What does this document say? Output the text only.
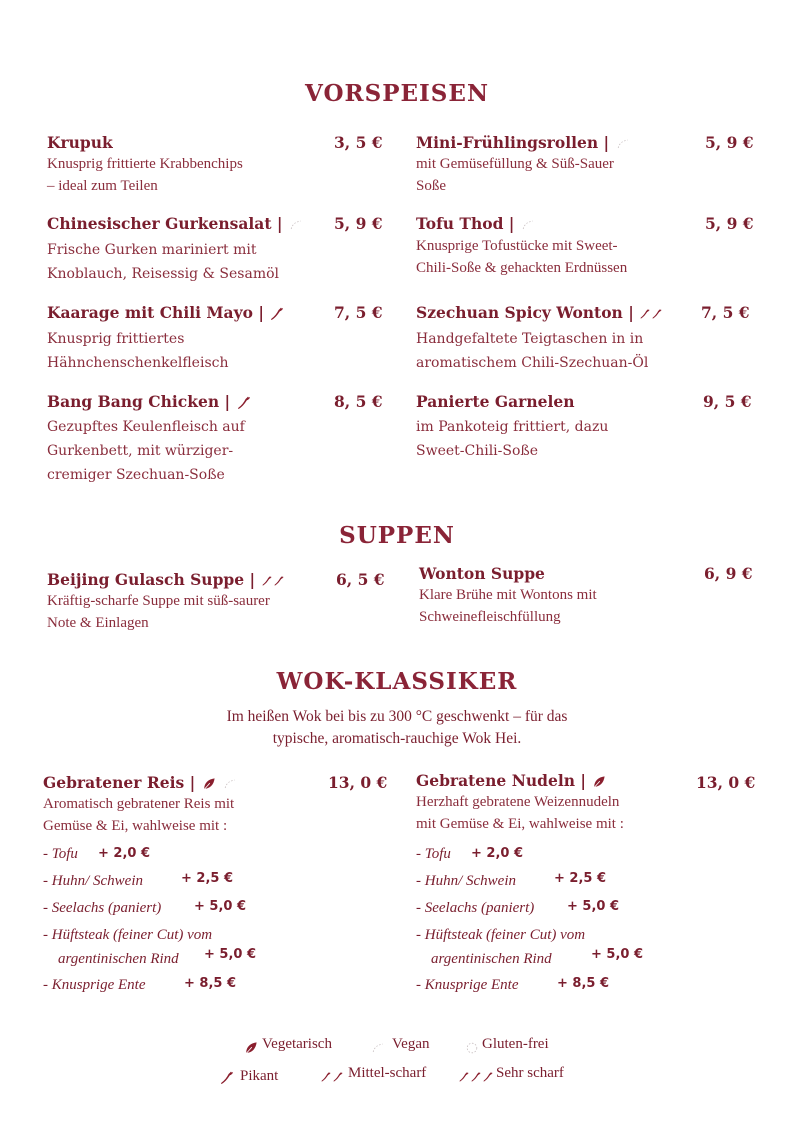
VORSPEISEN
Krupuk	3, 5 €
Knusprig frittierte Krabbenchips
– ideal zum Teilen
Mini-Frühlingsrollen |	5, 9 €
mit Gemüsefüllung & Süß-Sauer
Soße
Chinesischer Gurkensalat |	5, 9 €
Frische Gurken mariniert mit
Knoblauch, Reisessig & Sesamöl
Tofu Thod |	5, 9 €
Knusprige Tofustücke mit Sweet-
Chili-Soße & gehackten Erdnüssen
Kaarage mit Chili Mayo |	7, 5 €
Knusprig frittiertes
Hähnchenschenkelfleisch
Szechuan Spicy Wonton |	7, 5 €
Handgefaltete Teigtaschen in in
aromatischem Chili-Szechuan-Öl
Bang Bang Chicken |	8, 5 €
Gezupftes Keulenfleisch auf
Gurkenbett, mit würziger-
cremiger Szechuan-Soße
Panierte Garnelen	9, 5 €
im Pankoteig frittiert, dazu
Sweet-Chili-Soße
SUPPEN
Beijing Gulasch Suppe |	6, 5 €
Kräftig-scharfe Suppe mit süß-saurer
Note & Einlagen
Wonton Suppe	6, 9 €
Klare Brühe mit Wontons mit
Schweinefleischfüllung
WOK-KLASSIKER
Im heißen Wok bei bis zu 300 °C geschwenkt – für das
typische, aromatisch-rauchige Wok Hei.
Gebratener Reis |	13, 0 €
Aromatisch gebratener Reis mit
Gemüse & Ei, wahlweise mit :
- Tofu + 2,0 €
- Huhn/ Schwein	+ 2,5 €
- Seelachs (paniert)	+ 5,0 €
- Hüftsteak (feiner Cut) vom
argentinischen Rind + 5,0 €
- Knusprige Ente	+ 8,5 €
Gebratene Nudeln |	13, 0 €
Herzhaft gebratene Weizennudeln
mit Gemüse & Ei, wahlweise mit :
- Tofu + 2,0 €
- Huhn/ Schwein	+ 2,5 €
- Seelachs (paniert)	+ 5,0 €
- Hüftsteak (feiner Cut) vom
argentinischen Rind	+ 5,0 €
- Knusprige Ente	+ 8,5 €
Vegetarisch	Vegan	Gluten-frei
Pikant	Mittel-scharf	Sehr scharf
